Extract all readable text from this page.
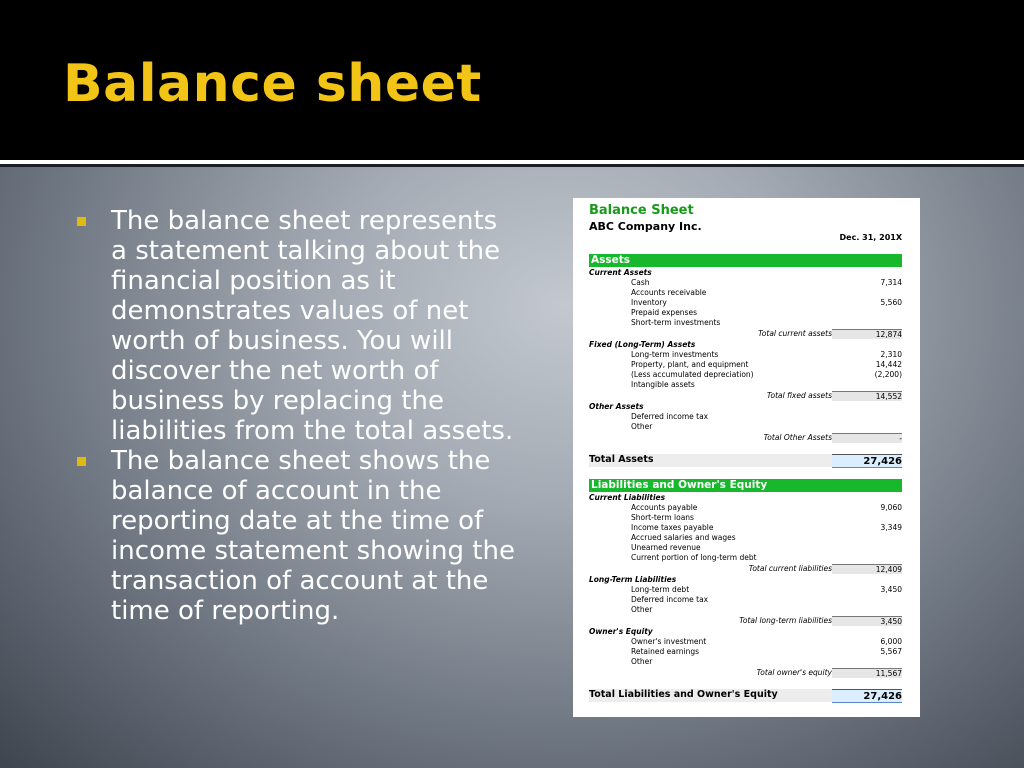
Balance sheet
The balance sheet represents a statement talking about the financial position as it demonstrates values of net worth of business. You will discover the net worth of business by replacing the liabilities from the total assets.
The balance sheet shows the balance of account in the reporting date at the time of income statement showing the transaction of account at the time of reporting.
Balance Sheet
ABC Company Inc.
Dec. 31, 201X
Assets
Current Assets
Cash	7,314
Accounts receivable
Inventory	5,560
Prepaid expenses
Short-term investments
Total current assets	12,874
Fixed (Long-Term) Assets
Long-term investments	2,310
Property, plant, and equipment	14,442
(Less accumulated depreciation)	(2,200)
Intangible assets
Total fixed assets	14,552
Other Assets
Deferred income tax
Other
Total Other Assets	-
Total Assets	27,426
Liabilities and Owner's Equity
Current Liabilities
Accounts payable	9,060
Short-term loans
Income taxes payable	3,349
Accrued salaries and wages
Unearned revenue
Current portion of long-term debt
Total current liabilities	12,409
Long-Term Liabilities
Long-term debt	3,450
Deferred income tax
Other
Total long-term liabilities	3,450
Owner's Equity
Owner's investment	6,000
Retained earnings	5,567
Other
Total owner's equity	11,567
Total Liabilities and Owner's Equity	27,426
